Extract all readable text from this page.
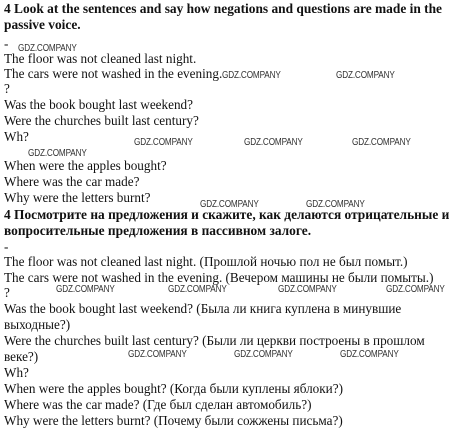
4 Look at the sentences and say how negations and questions are made in the
passive voice.
-
The floor was not cleaned last night.
The cars were not washed in the evening.
?
Was the book bought last weekend?
Were the churches built last century?
Wh?
When were the apples bought?
Where was the car made?
Why were the letters burnt?
4 Посмотрите на предложения и скажите, как делаются отрицательные и
вопросительные предложения в пассивном залоге.
-
The floor was not cleaned last night. (Прошлой ночью пол не был помыт.)
The cars were not washed in the evening. (Вечером машины не были помыты.)
?
Was the book bought last weekend? (Была ли книга куплена в минувшие
выходные?)
Were the churches built last century? (Были ли церкви построены в прошлом
веке?)
Wh?
When were the apples bought? (Когда были куплены яблоки?)
Where was the car made? (Где был сделан автомобиль?)
Why were the letters burnt? (Почему были сожжены письма?)
GDZ.COMPANY
GDZ.COMPANY	GDZ.COMPANY
GDZ.COMPANY	GDZ.COMPANY	GDZ.COMPANY
GDZ.COMPANY
GDZ.COMPANY	GDZ.COMPANY
GDZ.COMPANY	GDZ.COMPANY	GDZ.COMPANY	GDZ.COMPANY
GDZ.COMPANY	GDZ.COMPANY	GDZ.COMPANY
